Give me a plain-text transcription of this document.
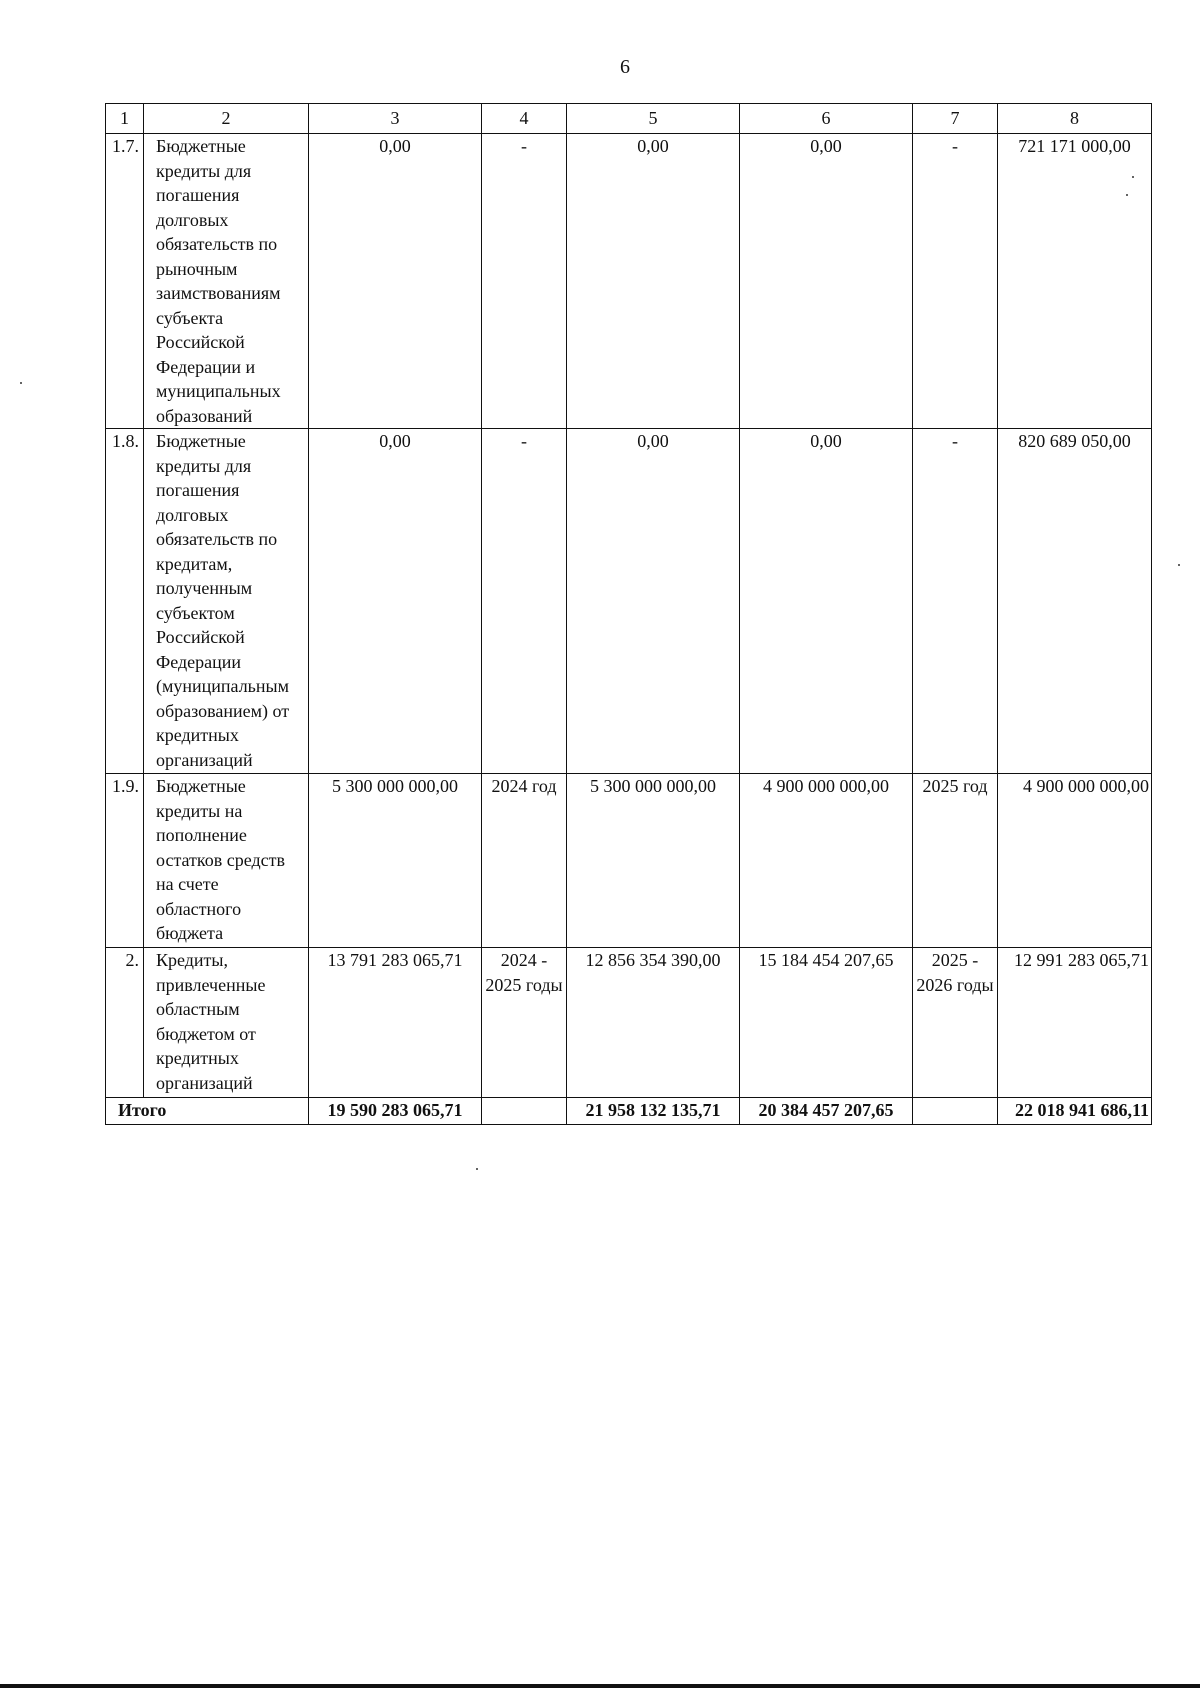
6
1	2	3	4	5	6	7	8
1.7.	Бюджетные кредиты для погашения долговых обязательств по рыночным заимствованиям субъекта Российской Федерации и муниципальных образований	0,00	-	0,00	0,00	-	721 171 000,00
1.8.	Бюджетные кредиты для погашения долговых обязательств по кредитам, полученным субъектом Российской Федерации (муниципальным образованием) от кредитных организаций	0,00	-	0,00	0,00	-	820 689 050,00
1.9.	Бюджетные кредиты на пополнение остатков средств на счете областного бюджета	5 300 000 000,00	2024 год	5 300 000 000,00	4 900 000 000,00	2025 год	4 900 000 000,00
2.	Кредиты, привлеченные областным бюджетом от кредитных организаций	13 791 283 065,71	2024 - 2025 годы	12 856 354 390,00	15 184 454 207,65	2025 - 2026 годы	12 991 283 065,71
Итого		19 590 283 065,71		21 958 132 135,71	20 384 457 207,65		22 018 941 686,11
